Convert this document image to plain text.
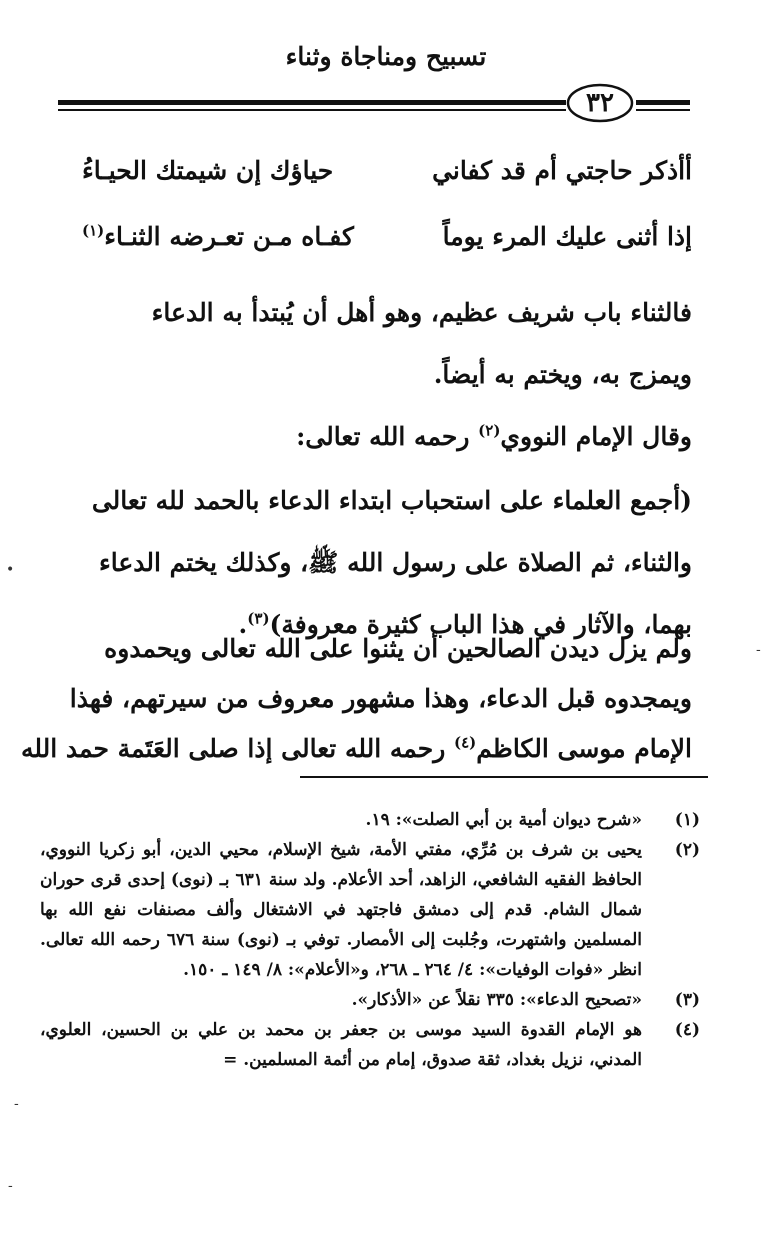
تسبيح ومناجاة وثناء
٣٢
أأذكر حاجتي أم قد كفاني
حياؤك إن شيمتك الحيـاءُ
إذا أثنى عليك المرء يوماً
كفـاه مـن تعـرضه الثنـاء$^{(١)}$
فالثناء باب شريف عظيم، وهو أهل أن يُبتدأ به الدعاء
ويمزج به، ويختم به أيضاً.
وقال الإمام النووي$^{(٢)}$ رحمه الله تعالى:
(أجمع العلماء على استحباب ابتداء الدعاء بالحمد لله تعالى
والثناء، ثم الصلاة على رسول الله ﷺ، وكذلك يختم الدعاء
بهما، والآثار في هذا الباب كثيرة معروفة)$^{(٣)}$.
ولم يزل ديدن الصالحين أن يثنوا على الله تعالى ويحمدوه
ويمجدوه قبل الدعاء، وهذا مشهور معروف من سيرتهم، فهذا
الإمام موسى الكاظم$^{(٤)}$ رحمه الله تعالى إذا صلى العَتَمة حمد الله
(١)
«شرح ديوان أمية بن أبي الصلت»: ١٩.
(٢)
يحيى بن شرف بن مُرِّي، مفتي الأمة، شيخ الإسلام، محيي الدين، أبو زكريا النووي، الحافظ الفقيه الشافعي، الزاهد، أحد الأعلام. ولد سنة ٦٣١ بـ (نوى) إحدى قرى حوران شمال الشام. قدم إلى دمشق فاجتهد في الاشتغال وألف مصنفات نفع الله بها المسلمين واشتهرت، وجُلبت إلى الأمصار. توفي بـ (نوى) سنة ٦٧٦ رحمه الله تعالى. انظر «فوات الوفيات»: ٤/ ٢٦٤ ـ ٢٦٨، و«الأعلام»: ٨/ ١٤٩ ـ ١٥٠.
(٣)
«تصحيح الدعاء»: ٣٣٥ نقلاً عن «الأذكار».
(٤)
هو الإمام القدوة السيد موسى بن جعفر بن محمد بن علي بن الحسين، العلوي، المدني، نزيل بغداد، ثقة صدوق، إمام من أئمة المسلمين. =
•
-
-
-
